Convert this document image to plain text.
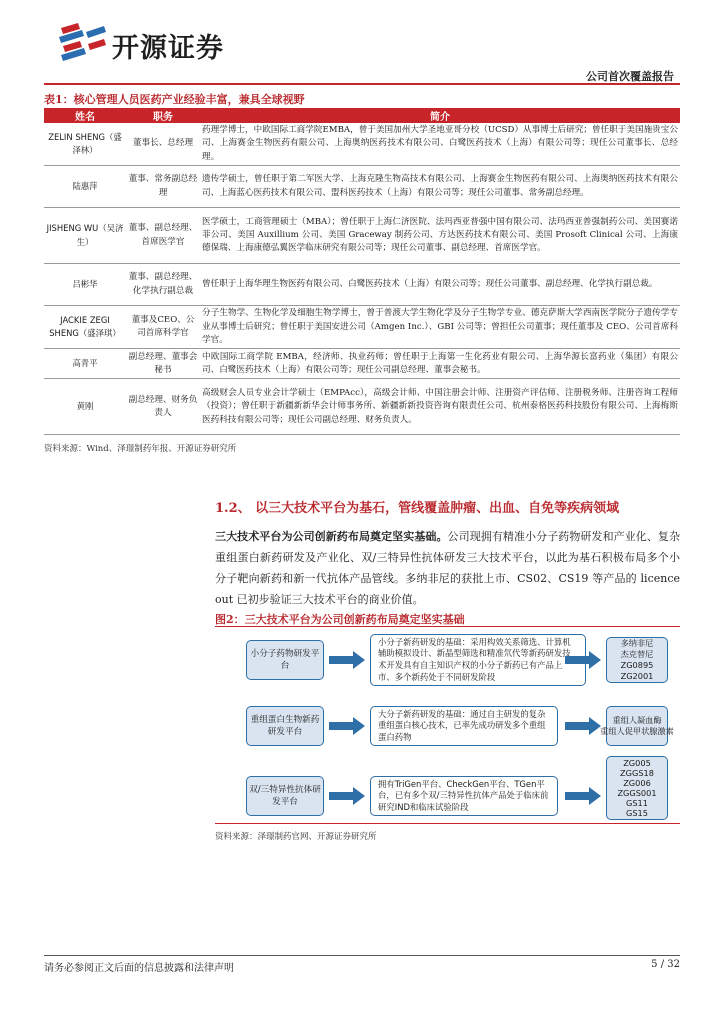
开源证券
公司首次覆盖报告
表1：核心管理人员医药产业经验丰富，兼具全球视野
姓名	职务	简介
ZELIN SHENG（盛泽林）	董事长、总经理	药理学博士，中欧国际工商学院EMBA，曾于美国加州大学圣地亚哥分校（UCSD）从事博士后研究；曾任职于美国施贵宝公司、上海赛金生物医药有限公司、上海奥纳医药技术有限公司、白鹭医药技术（上海）有限公司等；现任公司董事长、总经理。
陆惠萍	董事、常务副总经理	遗传学硕士，曾任职于第二军医大学、上海克隆生物高技术有限公司、上海赛金生物医药有限公司、上海奥纳医药技术有限公司、上海蓝心医药技术有限公司、盟科医药技术（上海）有限公司等；现任公司董事、常务副总经理。
JISHENG WU（吴济生）	董事、副总经理、首席医学官	医学硕士，工商管理硕士（MBA）；曾任职于上海仁济医院、法玛西亚普强中国有限公司、法玛西亚普强制药公司、美国赛诺菲公司、美国 Auxillium 公司、美国 Graceway 制药公司、方达医药技术有限公司、美国 Prosoft Clinical 公司、上海康德保瑞、上海康德弘翼医学临床研究有限公司等；现任公司董事、副总经理、首席医学官。
吕彬华	董事、副总经理、化学执行副总裁	曾任职于上海华理生物医药有限公司、白鹭医药技术（上海）有限公司等；现任公司董事、副总经理、化学执行副总裁。
JACKIE ZEGI SHENG（盛泽琪）	董事及CEO、公司首席科学官	分子生物学、生物化学及细胞生物学博士，曾于普渡大学生物化学及分子生物学专业、德克萨斯大学西南医学院分子遗传学专业从事博士后研究；曾任职于美国安进公司（Amgen Inc.）、GBI 公司等；曾担任公司董事；现任董事及 CEO、公司首席科学官。
高青平	副总经理、董事会秘书	中欧国际工商学院 EMBA，经济师、执业药师；曾任职于上海第一生化药业有限公司、上海华源长富药业（集团）有限公司、白鹭医药技术（上海）有限公司等；现任公司副总经理、董事会秘书。
黄刚	副总经理、财务负责人	高级财会人员专业会计学硕士（EMPAcc），高级会计师、中国注册会计师、注册资产评估师、注册税务师、注册咨询工程师（投资）；曾任职于新疆新新华会计师事务所、新疆新新投资咨询有限责任公司、杭州泰格医药科技股份有限公司、上海梅斯医药科技有限公司等；现任公司副总经理、财务负责人。
资料来源：Wind、泽璟制药年报、开源证券研究所
1.2、 以三大技术平台为基石，管线覆盖肿瘤、出血、自免等疾病领域
三大技术平台为公司创新药布局奠定坚实基础。公司现拥有精准小分子药物研发和产业化、复杂重组蛋白新药研发及产业化、双/三特异性抗体研发三大技术平台，以此为基石积极布局多个小分子靶向新药和新一代抗体产品管线。多纳非尼的获批上市、CS02、CS19 等产品的 licence out 已初步验证三大技术平台的商业价值。
图2：三大技术平台为公司创新药布局奠定坚实基础
小分子药物研发平台
小分子新药研发的基础：采用构效关系筛选、计算机辅助模拟设计、新晶型筛选和精准氘代等新药研发技术开发具有自主知识产权的小分子新药已有产品上市、多个新药处于不同研发阶段
多纳非尼
杰克替尼
ZG0895
ZG2001
重组蛋白生物新药研发平台
大分子新药研发的基础：通过自主研发的复杂重组蛋白核心技术，已率先成功研发多个重组蛋白药物
重组人凝血酶
重组人促甲状腺激素
双/三特异性抗体研发平台
拥有TriGen平台、CheckGen平台、TGen平台，已有多个双/三特异性抗体产品处于临床前研究IND和临床试验阶段
ZG005
ZGGS18
ZG006
ZGGS001
GS11
GS15
资料来源：泽璟制药官网、开源证券研究所
请务必参阅正文后面的信息披露和法律声明	5 / 32
